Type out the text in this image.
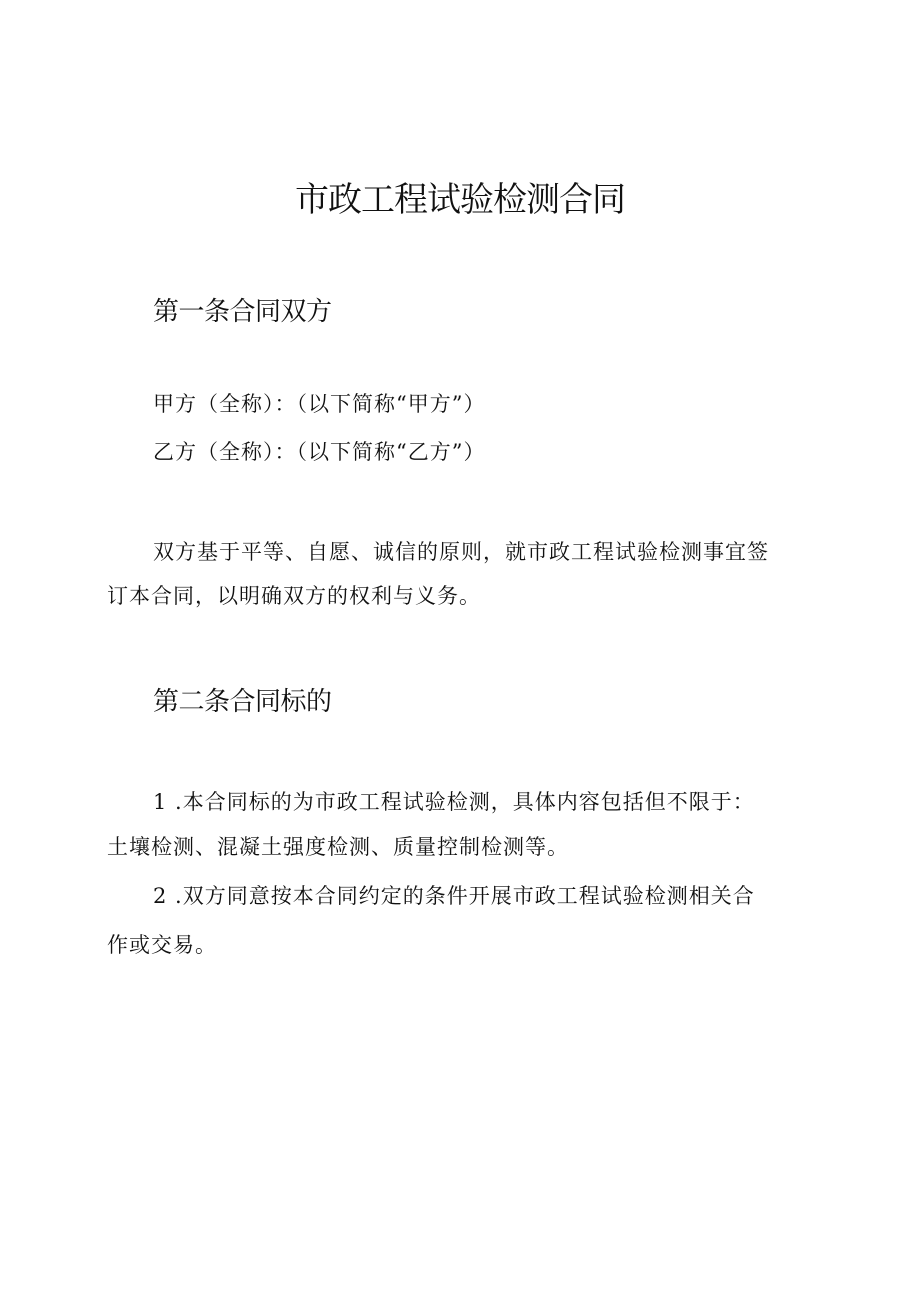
市政工程试验检测合同
第一条合同双方

甲方（全称）：（以下简称“甲方”）

乙方（全称）：（以下简称“乙方”）

双方基于平等、自愿、诚信的原则，就市政工程试验检测事宜签

订本合同，以明确双方的权利与义务。

第二条合同标的

1 .本合同标的为市政工程试验检测，具体内容包括但不限于：

土壤检测、混凝土强度检测、质量控制检测等。

2 .双方同意按本合同约定的条件开展市政工程试验检测相关合

作或交易。
